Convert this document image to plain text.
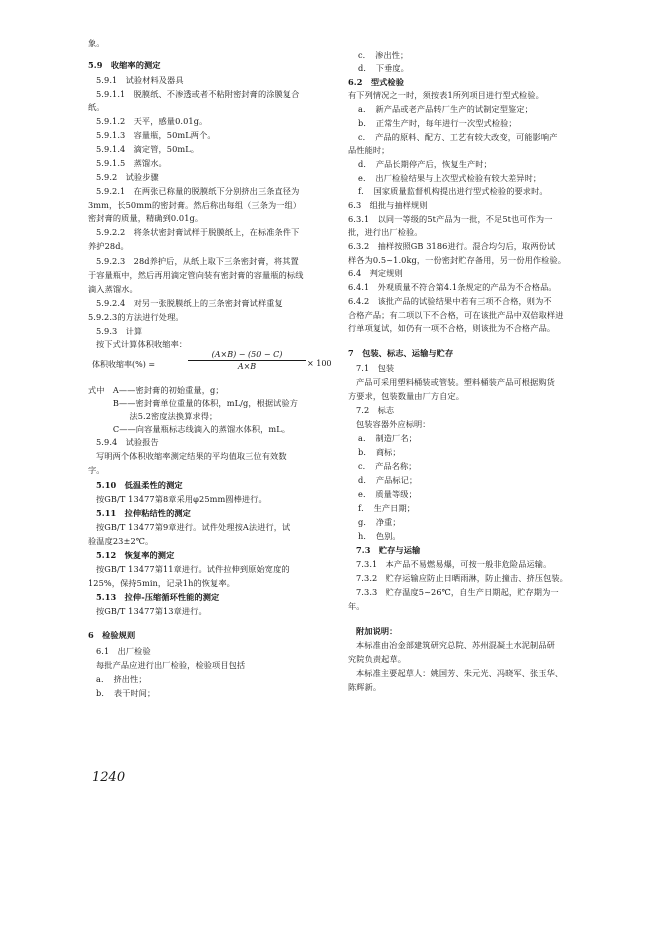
象。
5.9　收缩率的测定
5.9.1　试验材料及器具
5.9.1.1　脱膜纸、不渗透或者不粘附密封膏的涂膜复合
纸。
5.9.1.2　天平，感量0.01g。
5.9.1.3　容量瓶，50mL两个。
5.9.1.4　滴定管，50mL。
5.9.1.5　蒸馏水。
5.9.2　试验步骤
5.9.2.1　在两张已称量的脱膜纸下分别挤出三条直径为
3mm，长50mm的密封膏。然后称出每组（三条为一组）
密封膏的质量，精确到0.01g。
5.9.2.2　将条状密封膏试样于脱膜纸上，在标准条件下
养护28d。
5.9.2.3　28d养护后，从纸上取下三条密封膏，将其置
于容量瓶中，然后再用滴定管向装有密封膏的容量瓶的标线
滴入蒸馏水。
5.9.2.4　对另一张脱膜纸上的三条密封膏试样重复
5.9.2.3的方法进行处理。
5.9.3　计算
按下式计算体积收缩率：
体积收缩率(%) =	$\frac{(A\times B) - (50 - C)}{A\times B} \times 100$
式中　A——密封膏的初始重量，g；
　　　B——密封膏单位重量的体积，mL/g，根据试验方
　　　　　法5.2密度法换算求得；
　　　C——向容量瓶标志线滴入的蒸馏水体积，mL。
5.9.4　试验报告
写明两个体积收缩率测定结果的平均值取三位有效数
字。
5.10　低温柔性的测定
按GB/T 13477第8章采用φ25mm圆棒进行。
5.11　拉伸粘结性的测定
按GB/T 13477第9章进行。试件处理按A法进行，试
验温度23±2℃。
5.12　恢复率的测定
按GB/T 13477第11章进行。试件拉伸到原始宽度的
125%，保持5min，记录1h的恢复率。
5.13　拉伸-压缩循环性能的测定
按GB/T 13477第13章进行。
6　检验规则
6.1　出厂检验
每批产品应进行出厂检验，检验项目包括
a．　挤出性；
b．　表干时间；
c．　渗出性；
d．　下垂度。
6.2　型式检验
有下列情况之一时，须按表1所列项目进行型式检验。
a．　新产品或老产品转厂生产的试制定型鉴定；
b．　正常生产时，每年进行一次型式检验；
c．　产品的原料、配方、工艺有较大改变，可能影响产
品性能时；
d．　产品长期停产后，恢复生产时；
e．　出厂检验结果与上次型式检验有较大差异时；
f．　国家质量监督机构提出进行型式检验的要求时。
6.3　组批与抽样规则
6.3.1　以同一等级的5t产品为一批，不足5t也可作为一
批，进行出厂检验。
6.3.2　抽样按照GB 3186进行。混合均匀后，取两份试
样各为0.5~1.0kg，一份密封贮存备用，另一份用作检验。
6.4　判定规则
6.4.1　外观质量不符合第4.1条规定的产品为不合格品。
6.4.2　该批产品的试验结果中若有三项不合格，则为不
合格产品；有二项以下不合格，可在该批产品中双倍取样进
行单项复试，如仍有一项不合格，则该批为不合格产品。
7　包装、标志、运输与贮存
7.1　包装
产品可采用塑料桶装或管装。塑料桶装产品可根据购货
方要求，包装数量由厂方自定。
7.2　标志
包装容器外应标明：
a．　制造厂名；
b．　商标；
c．　产品名称；
d．　产品标记；
e．　质量等级；
f．　生产日期；
g．　净重；
h．　色别。
7.3　贮存与运输
7.3.1　本产品不易燃易爆，可按一般非危险品运输。
7.3.2　贮存运输应防止日晒雨淋，防止撞击、挤压包装。
7.3.3　贮存温度5~26℃，自生产日期起，贮存期为一
年。
附加说明：
本标准由冶金部建筑研究总院、苏州混凝土水泥制品研
究院负责起草。
本标准主要起草人：姚国芳、朱元光、冯晓军、张玉华、
陈辉新。
1240
